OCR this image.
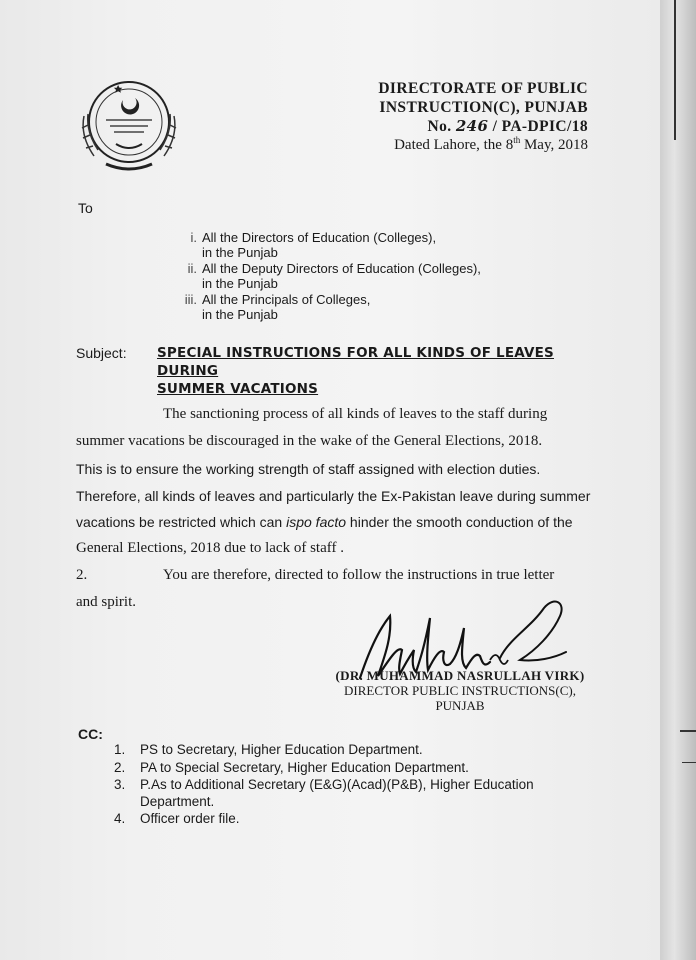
DIRECTORATE OF PUBLIC
INSTRUCTION(C), PUNJAB
No. 246 / PA-DPIC/18
Dated Lahore, the 8th May, 2018
To
i. All the Directors of Education (Colleges),
in the Punjab
ii. All the Deputy Directors of Education (Colleges),
in the Punjab
iii. All the Principals of Colleges,
in the Punjab
Subject: SPECIAL INSTRUCTIONS FOR ALL KINDS OF LEAVES DURING
SUMMER VACATIONS
The sanctioning process of all kinds of leaves to the staff during
summer vacations be discouraged in the wake of the General Elections, 2018.
This is to ensure the working strength of staff assigned with election duties.
Therefore, all kinds of leaves and particularly the Ex-Pakistan leave during summer
vacations be restricted which can ispo facto hinder the smooth conduction of the
General Elections, 2018 due to lack of staff .
2.	You are therefore, directed to follow the instructions in true letter
and spirit.
(DR. MUHAMMAD NASRULLAH VIRK)
DIRECTOR PUBLIC INSTRUCTIONS(C),
PUNJAB
CC:
1. PS to Secretary, Higher Education Department.
2. PA to Special Secretary, Higher Education Department.
3. P.As to Additional Secretary (E&G)(Acad)(P&B), Higher Education Department.
4. Officer order file.
